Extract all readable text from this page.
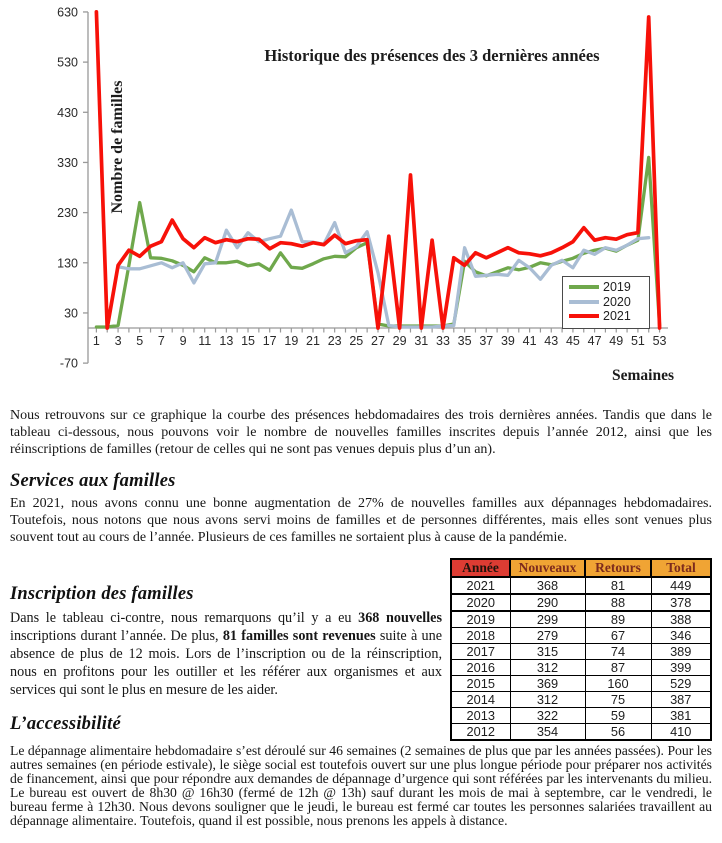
630
530
430
330
230
130
30
-70
1 3 5 7 9 11 13 15 17 19 21 23 25 27 29 31 33 35 37 39 41 43 45 47 49 51 53
Historique des présences des 3 dernières années
Nombre de familles
Semaines
2019
2020
2021

Nous retrouvons sur ce graphique la courbe des présences hebdomadaires des trois dernières années. Tandis que dans le tableau ci-dessous, nous pouvons voir le nombre de nouvelles familles inscrites depuis l’année 2012, ainsi que les réinscriptions de familles (retour de celles qui ne sont pas venues depuis plus d’un an).

Services aux familles

En 2021, nous avons connu une bonne augmentation de 27% de nouvelles familles aux dépannages hebdomadaires. Toutefois, nous notons que nous avons servi moins de familles et de personnes différentes, mais elles sont venues plus souvent tout au cours de l’année. Plusieurs de ces familles ne sortaient plus à cause de la pandémie.

Inscription des familles

Dans le tableau ci-contre, nous remarquons qu’il y a eu 368 nouvelles inscriptions durant l’année. De plus, 81 familles sont revenues suite à une absence de plus de 12 mois. Lors de l’inscription ou de la réinscription, nous en profitons pour les outiller et les référer aux organismes et aux services qui sont le plus en mesure de les aider.

L’accessibilité
Année	Nouveaux	Retours	Total
2021	368	81	449
2020	290	88	378
2019	299	89	388
2018	279	67	346
2017	315	74	389
2016	312	87	399
2015	369	160	529
2014	312	75	387
2013	322	59	381
2012	354	56	410

Le dépannage alimentaire hebdomadaire s’est déroulé sur 46 semaines (2 semaines de plus que par les années passées). Pour les autres semaines (en période estivale), le siège social est toutefois ouvert sur une plus longue période pour préparer nos activités de financement, ainsi que pour répondre aux demandes de dépannage d’urgence qui sont référées par les intervenants du milieu. Le bureau est ouvert de 8h30 @ 16h30 (fermé de 12h @ 13h) sauf durant les mois de mai à septembre, car le vendredi, le bureau ferme à 12h30. Nous devons souligner que le jeudi, le bureau est fermé car toutes les personnes salariées travaillent au dépannage alimentaire. Toutefois, quand il est possible, nous prenons les appels à distance.
